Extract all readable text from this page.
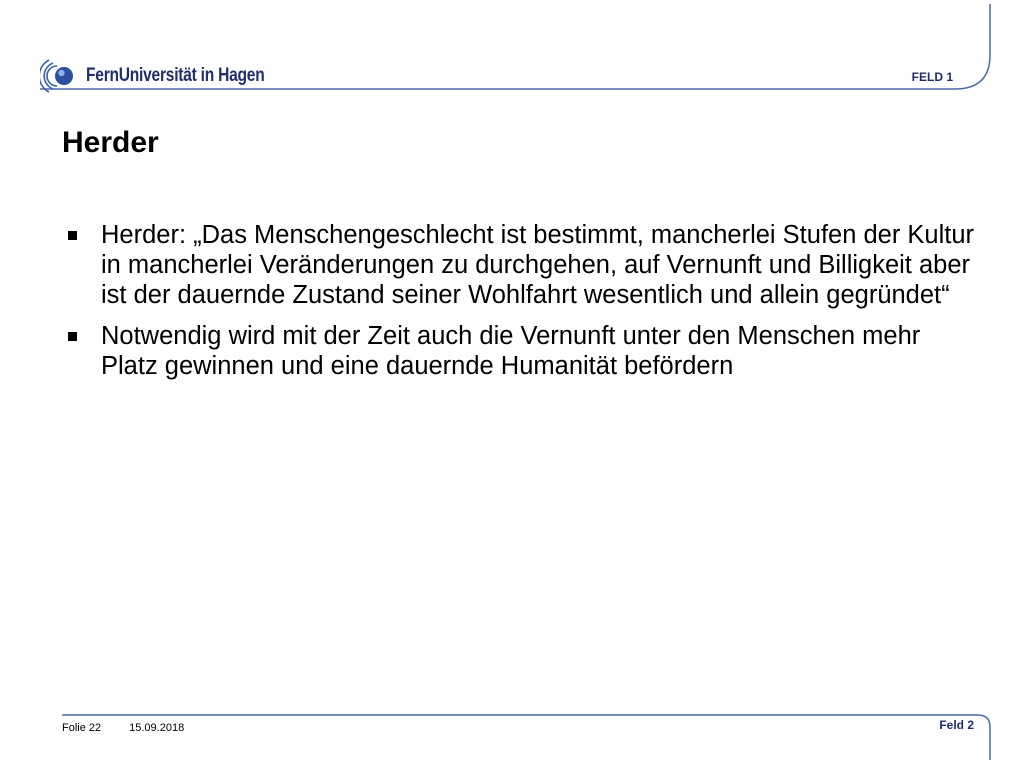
FernUniversität in Hagen	FELD 1
Herder
Herder: „Das Menschengeschlecht ist bestimmt, mancherlei Stufen der Kultur in mancherlei Veränderungen zu durchgehen, auf Vernunft und Billigkeit aber ist der dauernde Zustand seiner Wohlfahrt wesentlich und allein gegründet“
Notwendig wird mit der Zeit auch die Vernunft unter den Menschen mehr Platz gewinnen und eine dauernde Humanität befördern
Folie 22	15.09.2018	Feld 2
